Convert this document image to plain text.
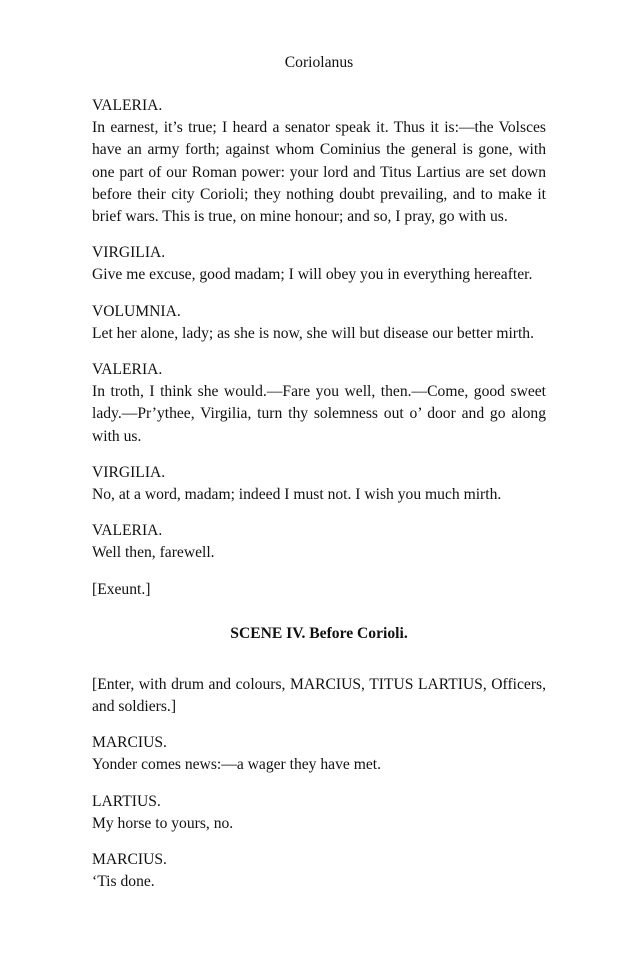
Coriolanus
VALERIA.
In earnest, it’s true; I heard a senator speak it. Thus it is:—the Volsces have an army forth; against whom Cominius the general is gone, with one part of our Roman power: your lord and Titus Lartius are set down before their city Corioli; they nothing doubt prevailing, and to make it brief wars. This is true, on mine honour; and so, I pray, go with us.
VIRGILIA.
Give me excuse, good madam; I will obey you in everything hereafter.
VOLUMNIA.
Let her alone, lady; as she is now, she will but disease our better mirth.
VALERIA.
In troth, I think she would.—Fare you well, then.—Come, good sweet lady.—Pr’ythee, Virgilia, turn thy solemness out o’ door and go along with us.
VIRGILIA.
No, at a word, madam; indeed I must not. I wish you much mirth.
VALERIA.
Well then, farewell.
[Exeunt.]
SCENE IV. Before Corioli.
[Enter, with drum and colours, MARCIUS, TITUS LARTIUS, Officers, and soldiers.]
MARCIUS.
Yonder comes news:—a wager they have met.
LARTIUS.
My horse to yours, no.
MARCIUS.
‘Tis done.
